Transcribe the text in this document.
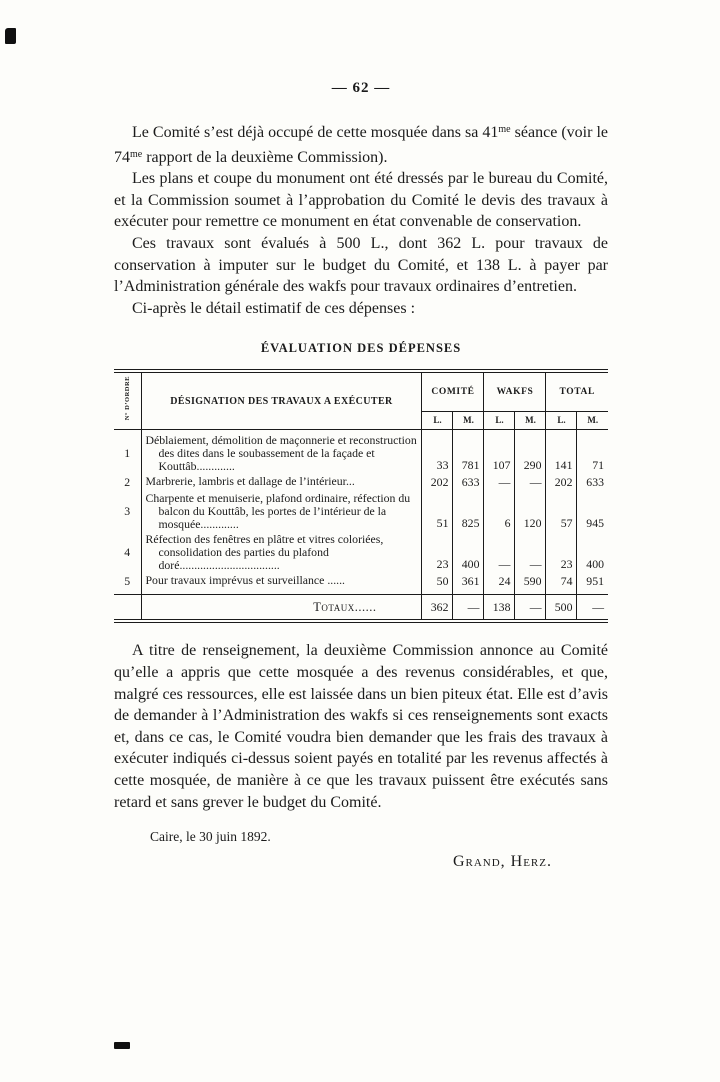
— 62 —

Le Comité s’est déjà occupé de cette mosquée dans sa $41^{me}$ séance (voir le $74^{me}$ rapport de la deuxième Commission).

Les plans et coupe du monument ont été dressés par le bureau du Comité, et la Commission soumet à l’approbation du Comité le devis des travaux à exécuter pour remettre ce monument en état convenable de conservation.

Ces travaux sont évalués à 500 L., dont 362 L. pour travaux de conservation à imputer sur le budget du Comité, et 138 L. à payer par l’Administration générale des wakfs pour travaux ordinaires d’entretien.

Ci-après le détail estimatif de ces dépenses :

ÉVALUATION DES DÉPENSES
N° D’ORDRE	DÉSIGNATION DES TRAVAUX A EXÉCUTER	COMITÉ		WAKFS		TOTAL	
		L.	M.	L.	M.	L.	M.
1	Déblaiement, démolition de maçonnerie et reconstruction des dites dans le soubassement de la façade et Kouttâb.............	33	781	107	290	141	71
2	Marbrerie, lambris et dallage de l’intérieur...	202	633	—	—	202	633
3	Charpente et menuiserie, plafond ordinaire, réfection du balcon du Kouttâb, les portes de l’intérieur de la mosquée.............	51	825	6	120	57	945
4	Réfection des fenêtres en plâtre et vitres coloriées, consolidation des parties du plafond doré..................................	23	400	—	—	23	400
5	Pour travaux imprévus et surveillance ......	50	361	24	590	74	951
	Totaux......	362	—	138	—	500	—

A titre de renseignement, la deuxième Commission annonce au Comité qu’elle a appris que cette mosquée a des revenus considérables, et que, malgré ces ressources, elle est laissée dans un bien piteux état. Elle est d’avis de demander à l’Administration des wakfs si ces renseignements sont exacts et, dans ce cas, le Comité voudra bien demander que les frais des travaux à exécuter indiqués ci-dessus soient payés en totalité par les revenus affectés à cette mosquée, de manière à ce que les travaux puissent être exécutés sans retard et sans grever le budget du Comité.

Caire, le 30 juin 1892.
Grand, Herz.
